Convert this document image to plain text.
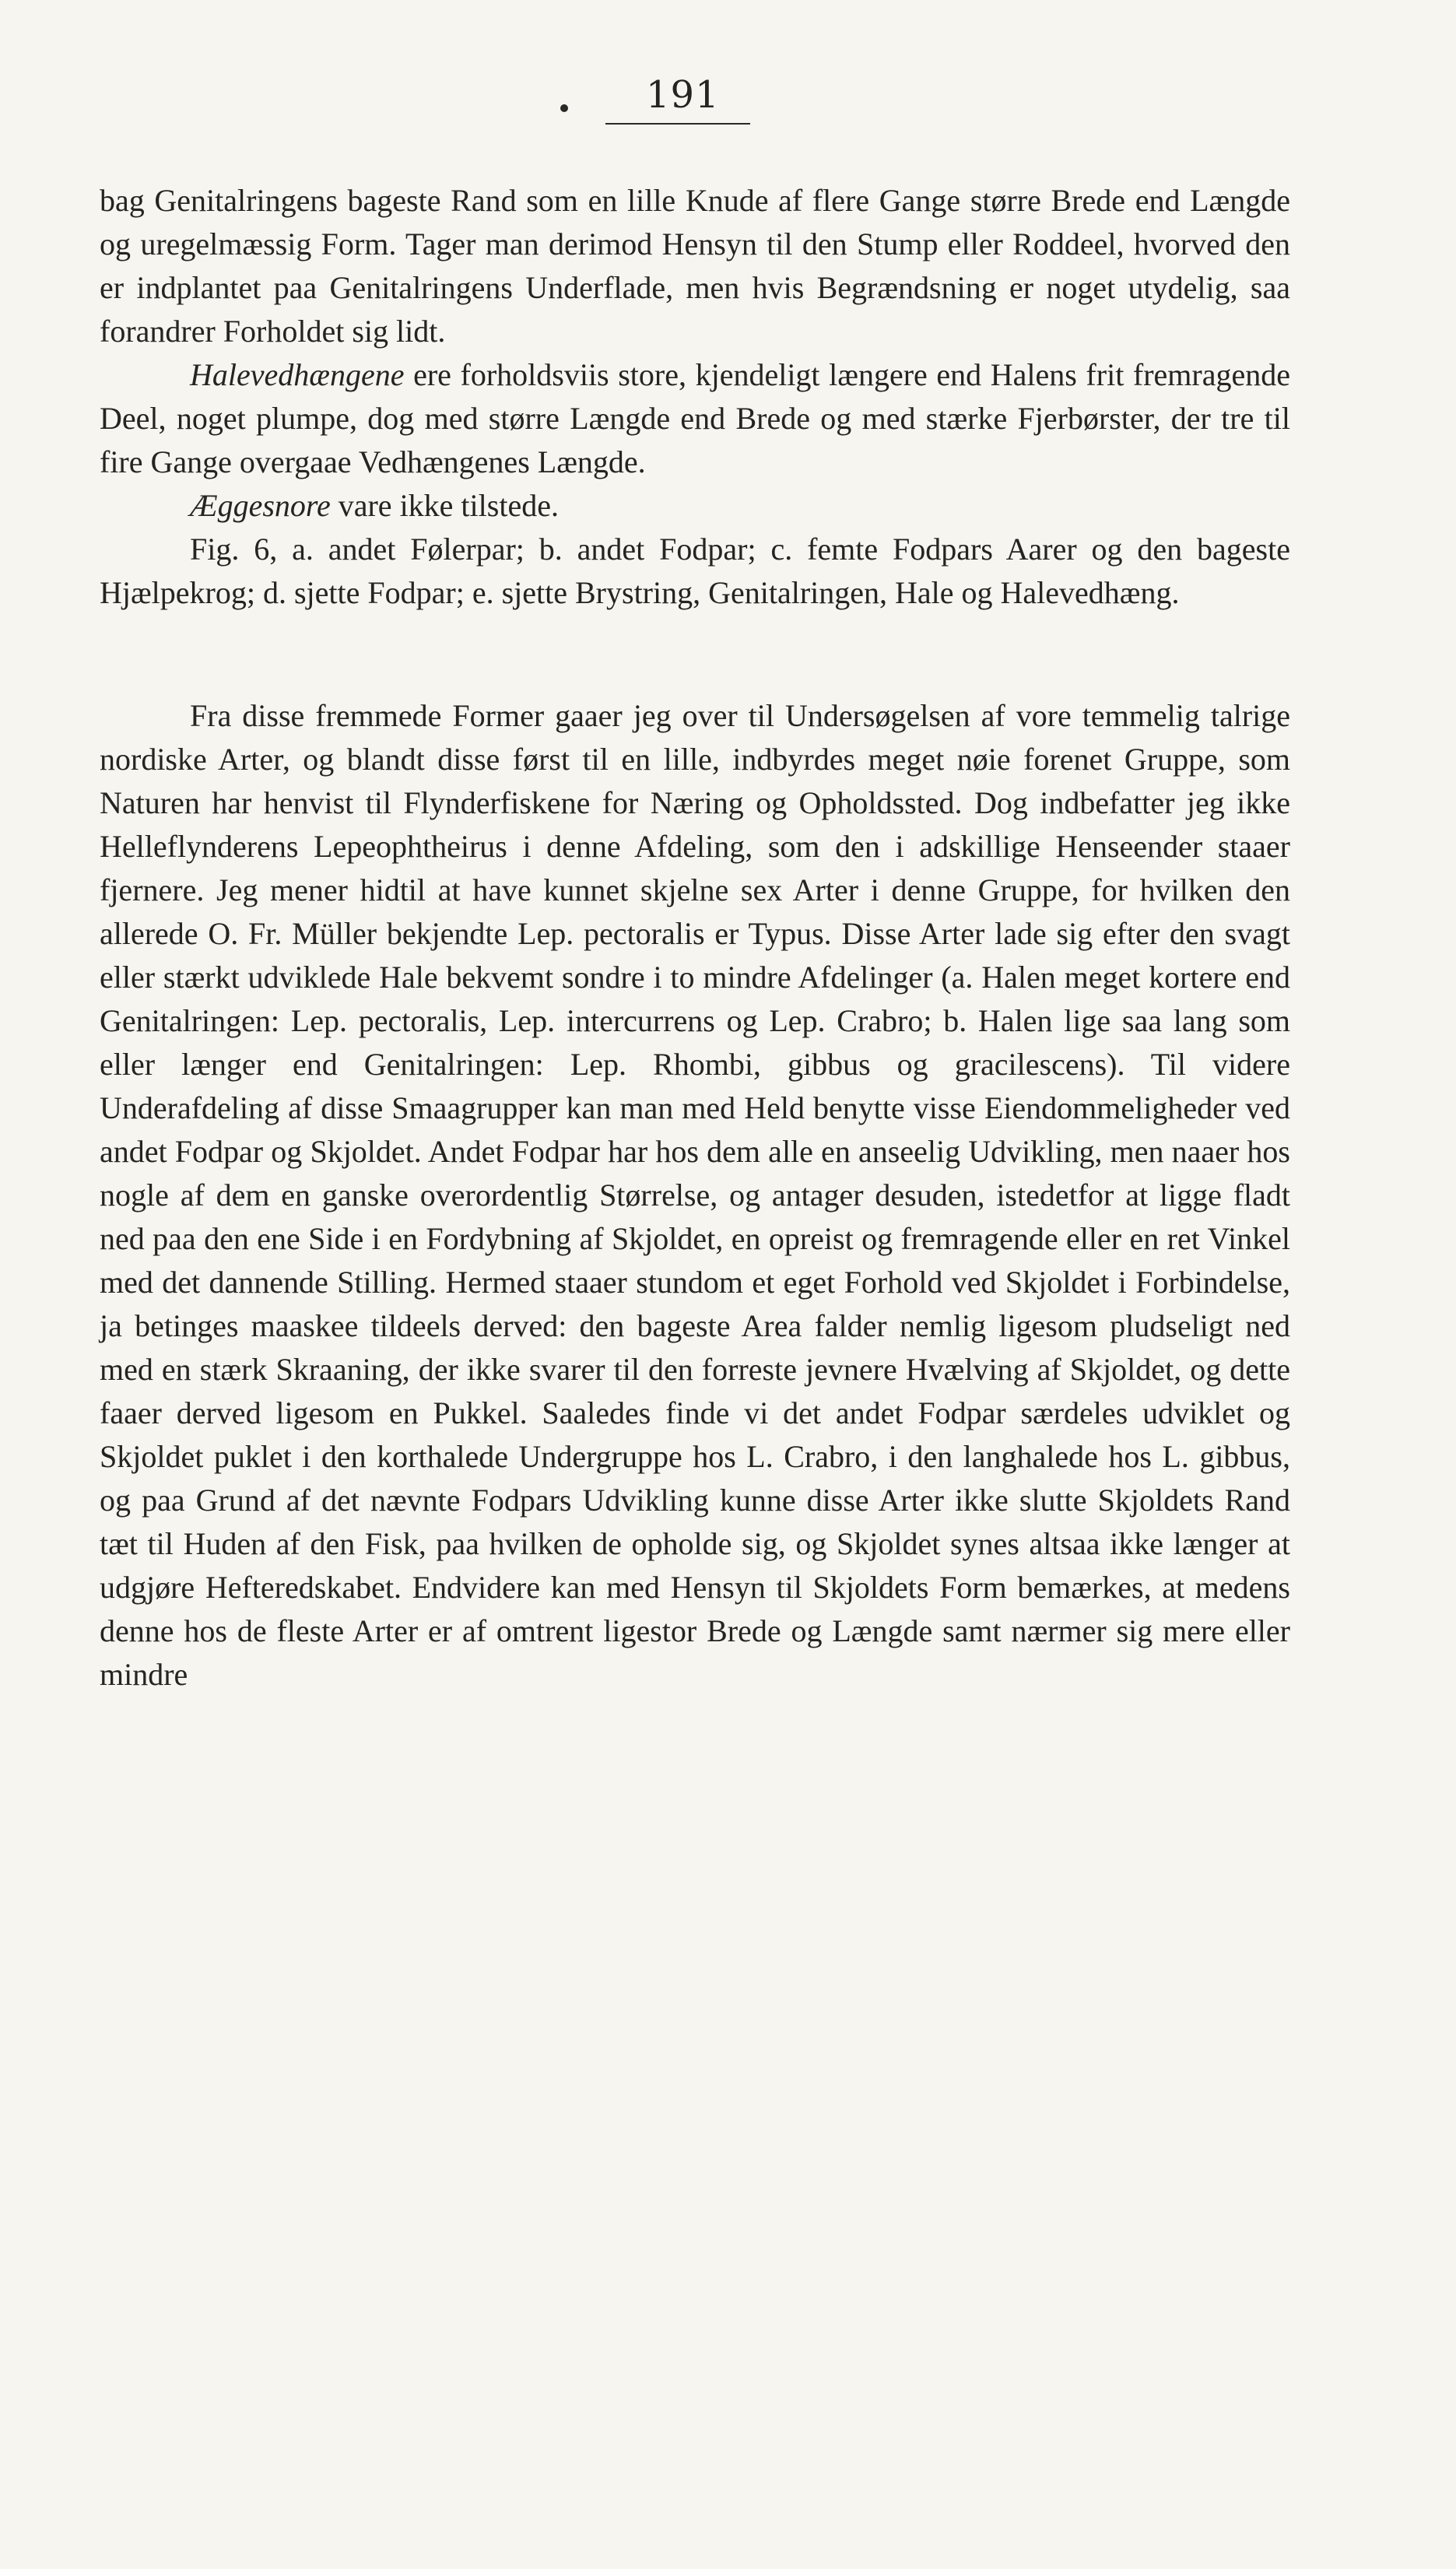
191

bag Genitalringens bageste Rand som en lille Knude af flere Gange større Brede end Længde og uregelmæssig Form. Tager man derimod Hensyn til den Stump eller Roddeel, hvorved den er indplantet paa Genitalringens Underflade, men hvis Begrændsning er noget utydelig, saa forandrer Forholdet sig lidt.

Halevedhængene ere forholdsviis store, kjendeligt længere end Halens frit fremragende Deel, noget plumpe, dog med større Længde end Brede og med stærke Fjerbørster, der tre til fire Gange overgaae Vedhængenes Længde.

Æggesnore vare ikke tilstede.

Fig. 6, a. andet Følerpar; b. andet Fodpar; c. femte Fodpars Aarer og den bageste Hjælpekrog; d. sjette Fodpar; e. sjette Brystring, Genitalringen, Hale og Halevedhæng.

Fra disse fremmede Former gaaer jeg over til Undersøgelsen af vore temmelig talrige nordiske Arter, og blandt disse først til en lille, indbyrdes meget nøie forenet Gruppe, som Naturen har henvist til Flynderfiskene for Næring og Opholdssted. Dog indbefatter jeg ikke Helleflynderens Lepeophtheirus i denne Afdeling, som den i adskillige Henseender staaer fjernere. Jeg mener hidtil at have kunnet skjelne sex Arter i denne Gruppe, for hvilken den allerede O. Fr. Müller bekjendte Lep. pectoralis er Typus. Disse Arter lade sig efter den svagt eller stærkt udviklede Hale bekvemt sondre i to mindre Afdelinger (a. Halen meget kortere end Genitalringen: Lep. pectoralis, Lep. intercurrens og Lep. Crabro; b. Halen lige saa lang som eller længer end Genitalringen: Lep. Rhombi, gibbus og gracilescens). Til videre Underafdeling af disse Smaagrupper kan man med Held benytte visse Eiendommeligheder ved andet Fodpar og Skjoldet. Andet Fodpar har hos dem alle en anseelig Udvikling, men naaer hos nogle af dem en ganske overordentlig Størrelse, og antager desuden, istedetfor at ligge fladt ned paa den ene Side i en Fordybning af Skjoldet, en opreist og fremragende eller en ret Vinkel med det dannende Stilling. Hermed staaer stundom et eget Forhold ved Skjoldet i Forbindelse, ja betinges maaskee tildeels derved: den bageste Area falder nemlig ligesom pludseligt ned med en stærk Skraaning, der ikke svarer til den forreste jevnere Hvælving af Skjoldet, og dette faaer derved ligesom en Pukkel. Saaledes finde vi det andet Fodpar særdeles udviklet og Skjoldet puklet i den korthalede Undergruppe hos L. Crabro, i den langhalede hos L. gibbus, og paa Grund af det nævnte Fodpars Udvikling kunne disse Arter ikke slutte Skjoldets Rand tæt til Huden af den Fisk, paa hvilken de opholde sig, og Skjoldet synes altsaa ikke længer at udgjøre Hefteredskabet. Endvidere kan med Hensyn til Skjoldets Form bemærkes, at medens denne hos de fleste Arter er af omtrent ligestor Brede og Længde samt nærmer sig mere eller mindre
